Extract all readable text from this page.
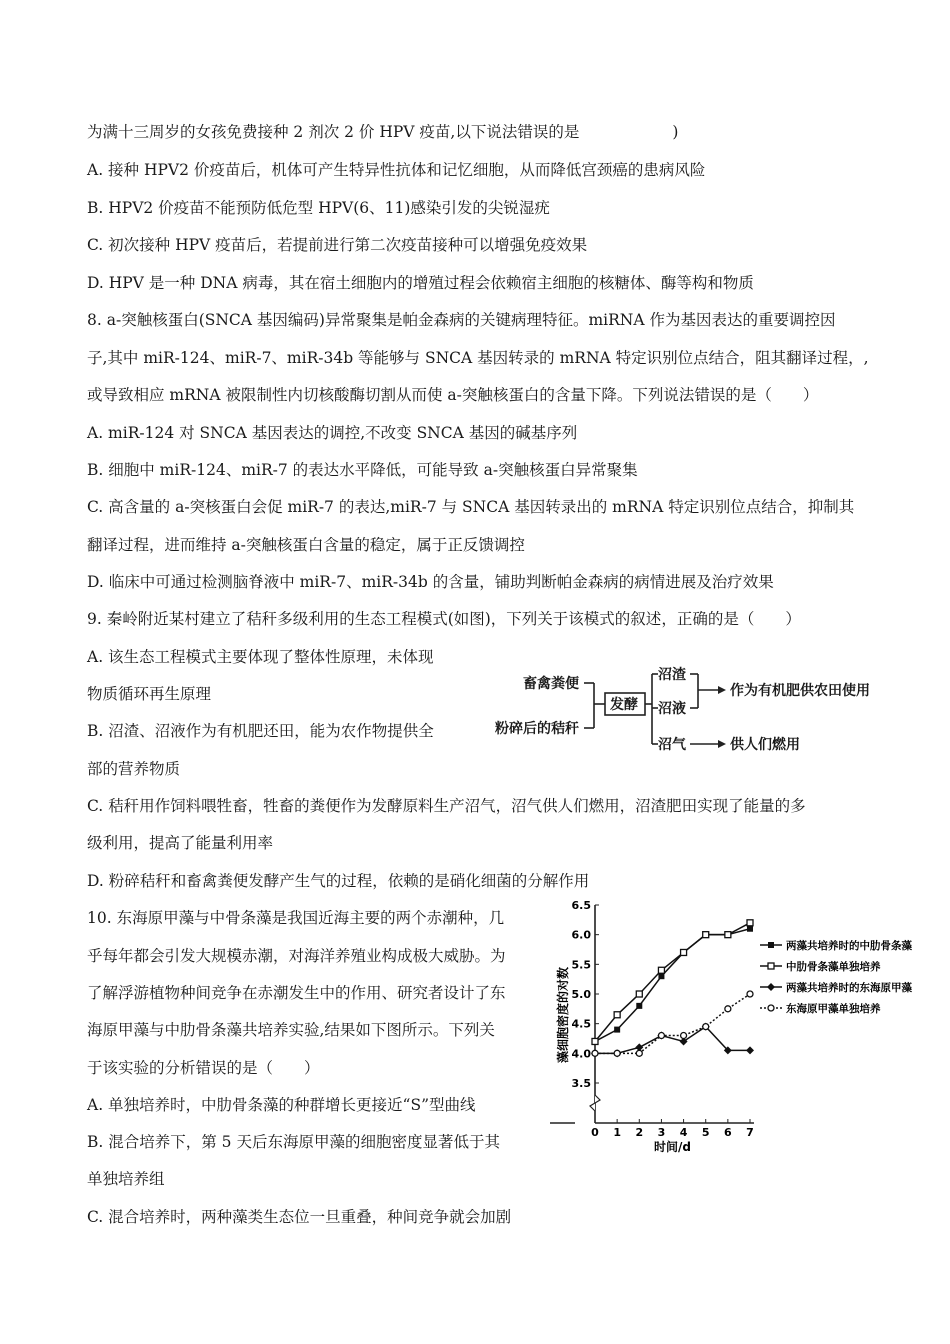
为满十三周岁的女孩免费接种 2 剂次 2 价 HPV 疫苗,以下说法错误的是　　　　　　)
A. 接种 HPV2 价疫苗后，机体可产生特异性抗体和记忆细胞，从而降低宫颈癌的患病风险
B. HPV2 价疫苗不能预防低危型 HPV(6、11)感染引发的尖锐湿疣
C. 初次接种 HPV 疫苗后，若提前进行第二次疫苗接种可以增强免疫效果
D. HPV 是一种 DNA 病毒，其在宿土细胞内的增殖过程会依赖宿主细胞的核糖体、酶等构和物质
8. a-突触核蛋白(SNCA 基因编码)异常聚集是帕金森病的关键病理特征。miRNA 作为基因表达的重要调控因
子,其中 miR-124、miR-7、miR-34b 等能够与 SNCA 基因转录的 mRNA 特定识别位点结合，阻其翻译过程，,
或导致相应 mRNA 被限制性内切核酸酶切割从而使 a-突触核蛋白的含量下降。下列说法错误的是（　　）
A. miR-124 对 SNCA 基因表达的调控,不改变 SNCA 基因的碱基序列
B. 细胞中 miR-124、miR-7 的表达水平降低，可能导致 a-突触核蛋白异常聚集
C. 高含量的 a-突核蛋白会促 miR-7 的表达,miR-7 与 SNCA 基因转录出的 mRNA 特定识别位点结合，抑制其
翻译过程，进而维持 a-突触核蛋白含量的稳定，属于正反馈调控
D. 临床中可通过检测脑脊液中 miR-7、miR-34b 的含量，铺助判断帕金森病的病情进展及治疗效果
9. 秦岭附近某村建立了秸秆多级利用的生态工程模式(如图)，下列关于该模式的叙述，正确的是（　　）
A. 该生态工程模式主要体现了整体性原理，未体现
物质循环再生原理
B. 沼渣、沼液作为有机肥还田，能为农作物提供全
部的营养物质
C. 秸秆用作饲料喂牲畜，牲畜的粪便作为发酵原料生产沼气，沼气供人们燃用，沼渣肥田实现了能量的多
级利用，提高了能量利用率
D. 粉碎秸秆和畜禽粪便发酵产生气的过程，依赖的是硝化细菌的分解作用
10. 东海原甲藻与中骨条藻是我国近海主要的两个赤潮种，几
乎每年都会引发大规模赤潮，对海洋养殖业构成极大威胁。为
了解浮游植物种间竞争在赤潮发生中的作用、研究者设计了东
海原甲藻与中肋骨条藻共培养实验,结果如下图所示。下列关
于该实验的分析错误的是（　　）
A. 单独培养时，中肋骨条藻的种群增长更接近“S”型曲线
B. 混合培养下，第 5 天后东海原甲藻的细胞密度显著低于其
单独培养组
C. 混合培养时，两种藻类生态位一旦重叠，种间竞争就会加剧
畜禽粪便
粉碎后的秸秆
发酵
沼渣
沼液
沼气
作为有机肥供农田使用
供人们燃用
3.5
4.0
4.5
5.0
5.5
6.0
6.5
0 1 2 3 4 5 6 7
时间/d
藻细胞密度的对数
两藻共培养时的中肋骨条藻
中肋骨条藻单独培养
两藻共培养时的东海原甲藻
东海原甲藻单独培养
